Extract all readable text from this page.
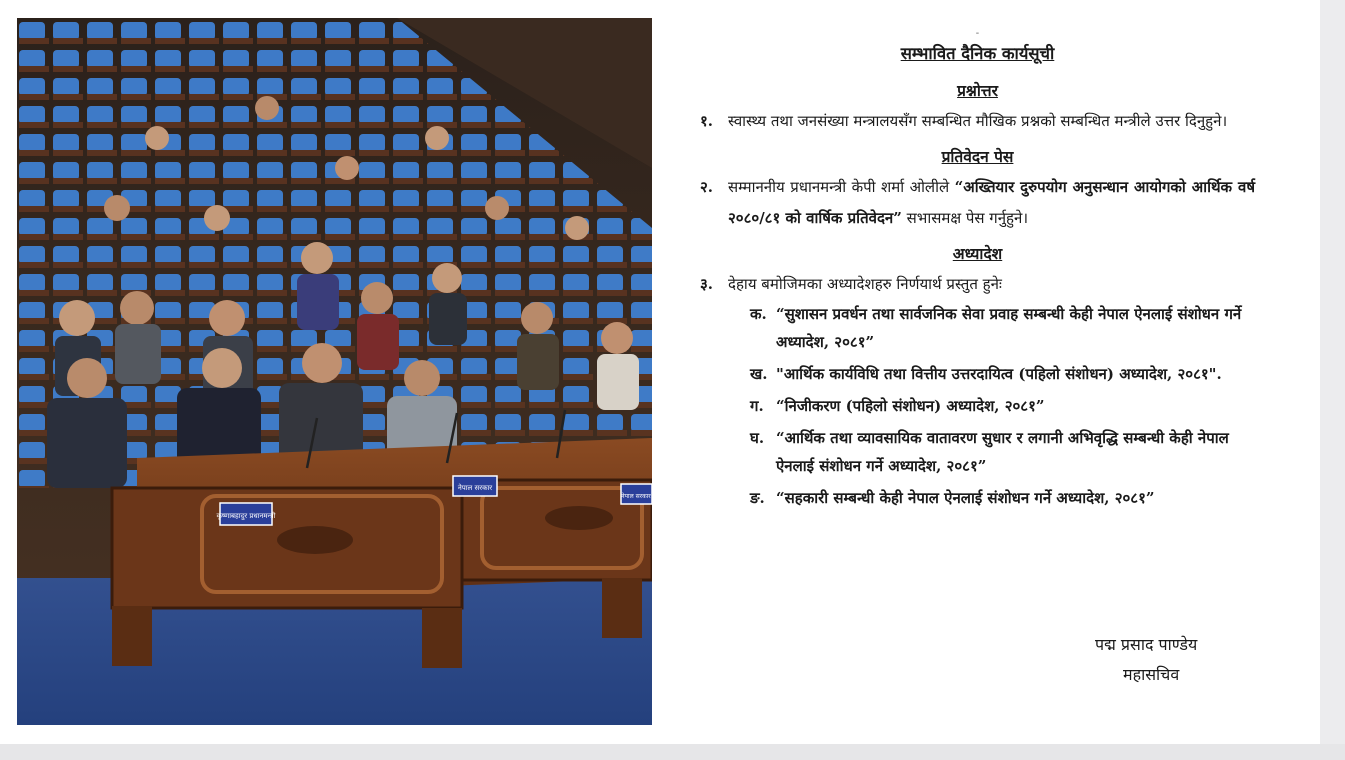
कृष्णाबहादुर प्रधानमन्त्री
नेपाल सरकार
नेपाल सरकार
-

सम्भावित दैनिक कार्यसूची

प्रश्नोत्तर

१. स्वास्थ्य तथा जनसंख्या मन्त्रालयसँग सम्बन्धित मौखिक प्रश्नको सम्बन्धित मन्त्रीले उत्तर दिनुहुने।

प्रतिवेदन पेस

२. सम्माननीय प्रधानमन्त्री केपी शर्मा ओलीले “अख्तियार दुरुपयोग अनुसन्धान आयोगको आर्थिक वर्ष २०८०/८१ को वार्षिक प्रतिवेदन” सभासमक्ष पेस गर्नुहुने।

अध्यादेश

३. देहाय बमोजिमका अध्यादेशहरु निर्णयार्थ प्रस्तुत हुनेः
क. “सुशासन प्रवर्धन तथा सार्वजनिक सेवा प्रवाह सम्बन्धी केही नेपाल ऐनलाई संशोधन गर्ने अध्यादेश, २०८१”
ख. "आर्थिक कार्यविधि तथा वित्तीय उत्तरदायित्व (पहिलो संशोधन) अध्यादेश, २०८१".
ग. “निजीकरण (पहिलो संशोधन) अध्यादेश, २०८१”
घ. “आर्थिक तथा व्यावसायिक वातावरण सुधार र लगानी अभिवृद्धि सम्बन्धी केही नेपाल ऐनलाई संशोधन गर्ने अध्यादेश, २०८१”
ङ. “सहकारी सम्बन्धी केही नेपाल ऐनलाई संशोधन गर्ने अध्यादेश, २०८१”
पद्म प्रसाद पाण्डेय
महासचिव
